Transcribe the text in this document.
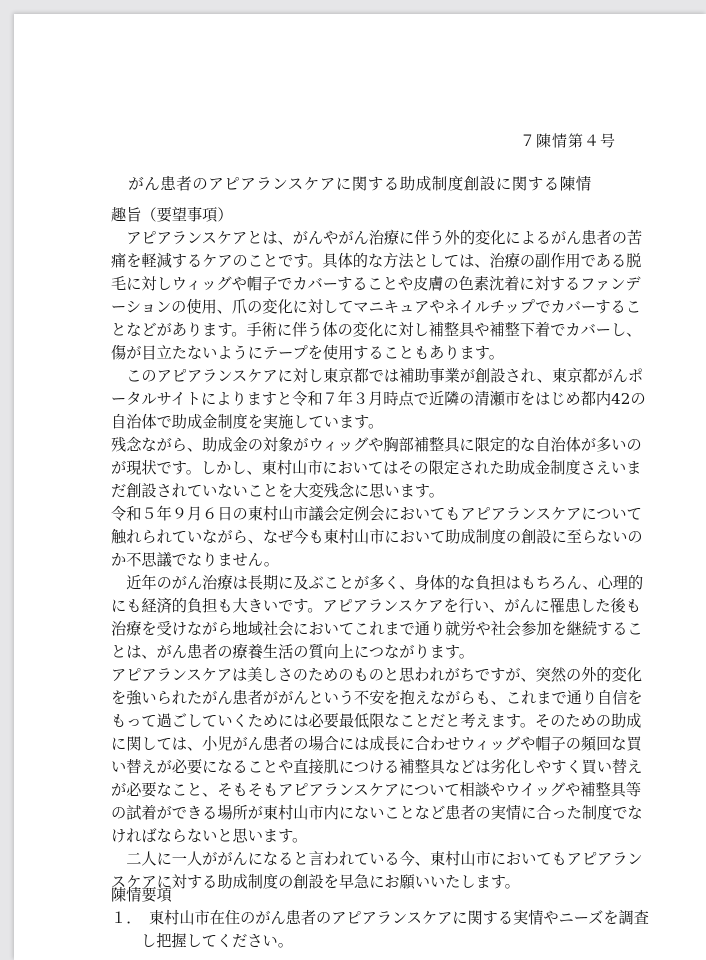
７陳情第４号
がん患者のアピアランスケアに関する助成制度創設に関する陳情
趣旨（要望事項）
　アピアランスケアとは、がんやがん治療に伴う外的変化によるがん患者の苦
痛を軽減するケアのことです。具体的な方法としては、治療の副作用である脱
毛に対しウィッグや帽子でカバーすることや皮膚の色素沈着に対するファンデ
ーションの使用、爪の変化に対してマニキュアやネイルチップでカバーするこ
となどがあります。手術に伴う体の変化に対し補整具や補整下着でカバーし、
傷が目立たないようにテープを使用することもあります。
　このアピアランスケアに対し東京都では補助事業が創設され、東京都がんポ
ータルサイトによりますと令和７年３月時点で近隣の清瀬市をはじめ都内42の
自治体で助成金制度を実施しています。
残念ながら、助成金の対象がウィッグや胸部補整具に限定的な自治体が多いの
が現状です。しかし、東村山市においてはその限定された助成金制度さえいま
だ創設されていないことを大変残念に思います。
令和５年９月６日の東村山市議会定例会においてもアピアランスケアについて
触れられていながら、なぜ今も東村山市において助成制度の創設に至らないの
か不思議でなりません。
　近年のがん治療は長期に及ぶことが多く、身体的な負担はもちろん、心理的
にも経済的負担も大きいです。アピアランスケアを行い、がんに罹患した後も
治療を受けながら地域社会においてこれまで通り就労や社会参加を継続するこ
とは、がん患者の療養生活の質向上につながります。
アピアランスケアは美しさのためのものと思われがちですが、突然の外的変化
を強いられたがん患者ががんという不安を抱えながらも、これまで通り自信を
もって過ごしていくためには必要最低限なことだと考えます。そのための助成
に関しては、小児がん患者の場合には成長に合わせウィッグや帽子の頻回な買
い替えが必要になることや直接肌につける補整具などは劣化しやすく買い替え
が必要なこと、そもそもアピアランスケアについて相談やウイッグや補整具等
の試着ができる場所が東村山市内にないことなど患者の実情に合った制度でな
ければならないと思います。
　二人に一人ががんになると言われている今、東村山市においてもアピアラン
スケアに対する助成制度の創設を早急にお願いいたします。
陳情要項
１．　東村山市在住のがん患者のアピアランスケアに関する実情やニーズを調査
し把握してください。
